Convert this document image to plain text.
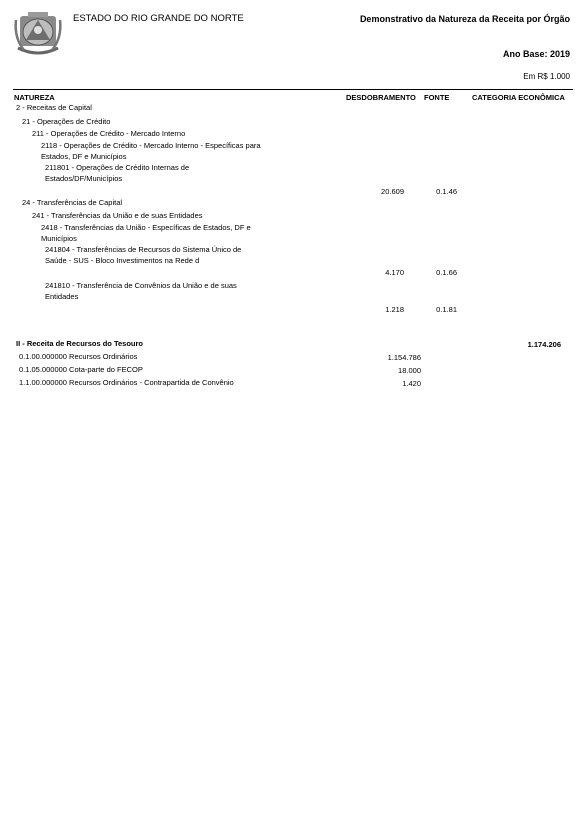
ESTADO DO RIO GRANDE DO NORTE	Demonstrativo da Natureza da Receita por Órgão
Ano Base: 2019
Em R$ 1.000
NATUREZA	DESDOBRAMENTO FONTE	CATEGORIA ECONÔMICA
2 - Receitas de Capital
21 - Operações de Crédito
211 - Operações de Crédito - Mercado Interno
2118 - Operações de Crédito - Mercado Interno - Específicas para Estados, DF e Municípios
211801 - Operações de Crédito Internas de Estados/DF/Municípios
20.609	0.1.46
24 - Transferências de Capital
241 - Transferências da União e de suas Entidades
2418 - Transferências da União - Específicas de Estados, DF e Municípios
241804 - Transferências de Recursos do Sistema Único de Saúde - SUS - Bloco Investimentos na Rede d
4.170	0.1.66
241810 - Transferência de Convênios da União e de suas Entidades
1.218	0.1.81
II - Receita de Recursos do Tesouro	1.174.206
0.1.00.000000 Recursos Ordinários	1.154.786
0.1.05.000000 Cota-parte do FECOP	18.000
1.1.00.000000 Recursos Ordinários - Contrapartida de Convênio	1.420
